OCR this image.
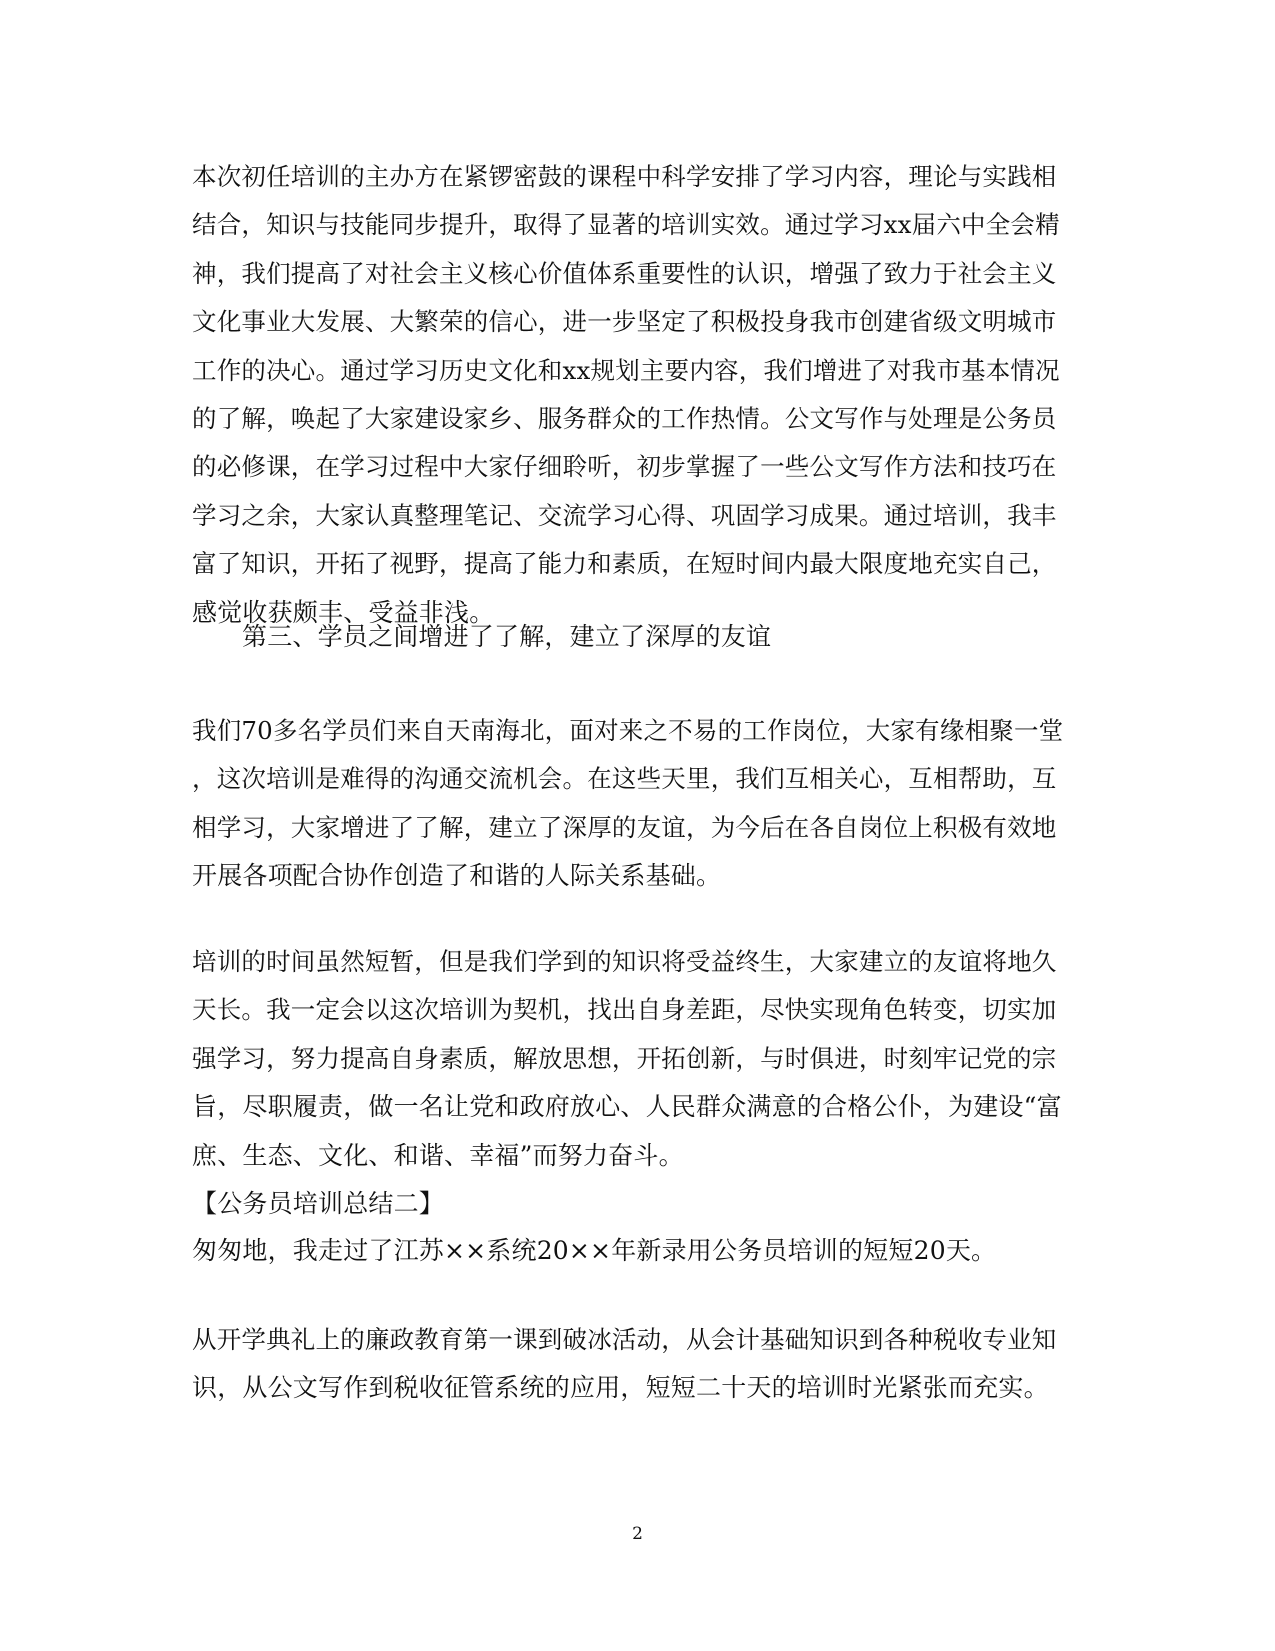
本次初任培训的主办方在紧锣密鼓的课程中科学安排了学习内容，理论与实践相
结合，知识与技能同步提升，取得了显著的培训实效。通过学习xx届六中全会精
神，我们提高了对社会主义核心价值体系重要性的认识，增强了致力于社会主义
文化事业大发展、大繁荣的信心，进一步坚定了积极投身我市创建省级文明城市
工作的决心。通过学习历史文化和xx规划主要内容，我们增进了对我市基本情况
的了解，唤起了大家建设家乡、服务群众的工作热情。公文写作与处理是公务员
的必修课，在学习过程中大家仔细聆听，初步掌握了一些公文写作方法和技巧在
学习之余，大家认真整理笔记、交流学习心得、巩固学习成果。通过培训，我丰
富了知识，开拓了视野，提高了能力和素质，在短时间内最大限度地充实自己，
感觉收获颇丰、受益非浅。
第三、学员之间增进了了解，建立了深厚的友谊
我们70多名学员们来自天南海北，面对来之不易的工作岗位，大家有缘相聚一堂
，这次培训是难得的沟通交流机会。在这些天里，我们互相关心，互相帮助，互
相学习，大家增进了了解，建立了深厚的友谊，为今后在各自岗位上积极有效地
开展各项配合协作创造了和谐的人际关系基础。
培训的时间虽然短暂，但是我们学到的知识将受益终生，大家建立的友谊将地久
天长。我一定会以这次培训为契机，找出自身差距，尽快实现角色转变，切实加
强学习，努力提高自身素质，解放思想，开拓创新，与时俱进，时刻牢记党的宗
旨，尽职履责，做一名让党和政府放心、人民群众满意的合格公仆，为建设“富
庶、生态、文化、和谐、幸福”而努力奋斗。
【公务员培训总结二】
匆匆地，我走过了江苏××系统20××年新录用公务员培训的短短20天。
从开学典礼上的廉政教育第一课到破冰活动，从会计基础知识到各种税收专业知
识，从公文写作到税收征管系统的应用，短短二十天的培训时光紧张而充实。
2
